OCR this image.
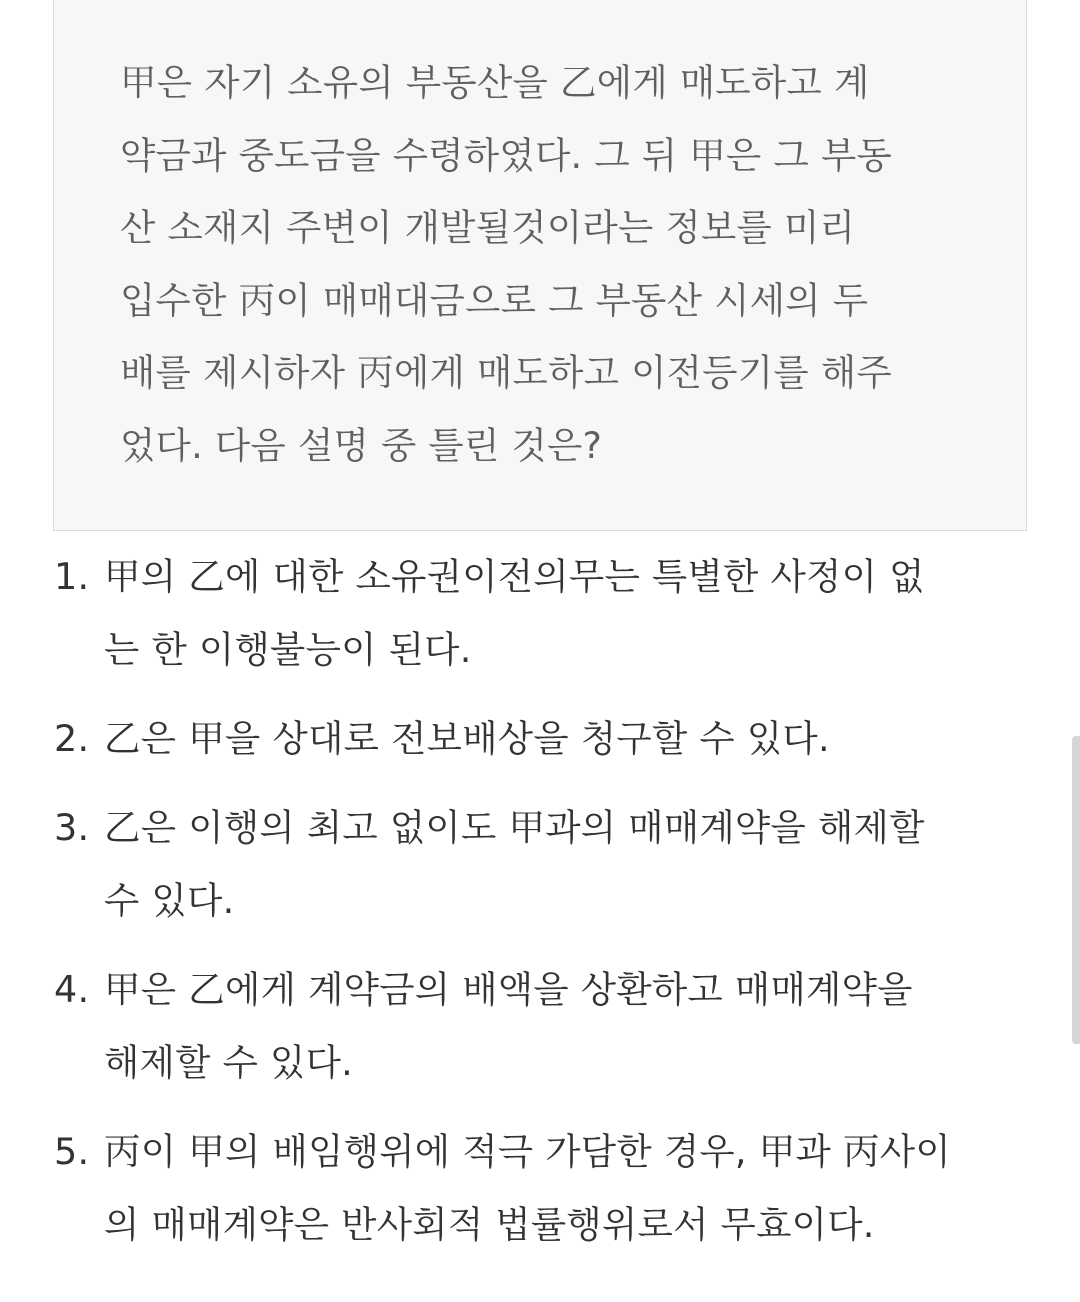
甲은 자기 소유의 부동산을 乙에게 매도하고 계
약금과 중도금을 수령하였다. 그 뒤 甲은 그 부동
산 소재지 주변이 개발될것이라는 정보를 미리
입수한 丙이 매매대금으로 그 부동산 시세의 두
배를 제시하자 丙에게 매도하고 이전등기를 해주
었다. 다음 설명 중 틀린 것은?
1. 甲의 乙에 대한 소유권이전의무는 특별한 사정이 없
는 한 이행불능이 된다.
2. 乙은 甲을 상대로 전보배상을 청구할 수 있다.
3. 乙은 이행의 최고 없이도 甲과의 매매계약을 해제할
수 있다.
4. 甲은 乙에게 계약금의 배액을 상환하고 매매계약을
해제할 수 있다.
5. 丙이 甲의 배임행위에 적극 가담한 경우, 甲과 丙사이
의 매매계약은 반사회적 법률행위로서 무효이다.
